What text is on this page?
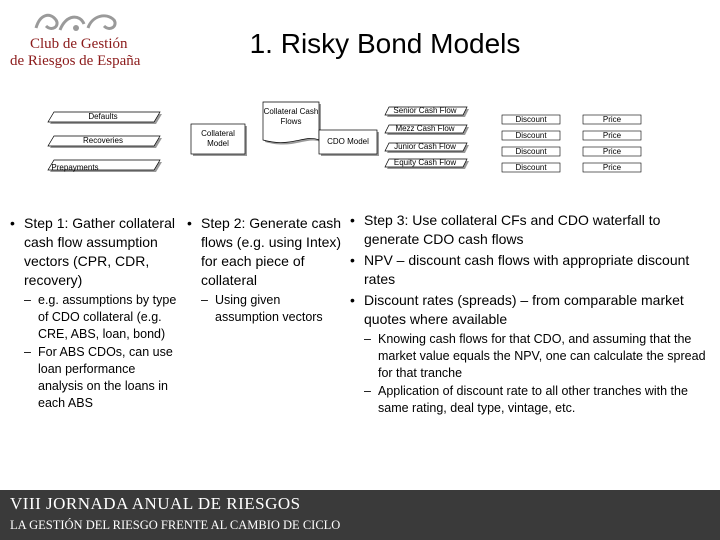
Club de Gestión
de Riesgos de España
1. Risky Bond Models
Defaults
Recoveries
Prepayments
Collateral Model
Collateral Cash Flows
CDO Model
Senior Cash Flow
Mezz Cash Flow
Junior Cash Flow
Equity Cash Flow
Discount	Price
Discount	Price
Discount	Price
Discount	Price
• Step 1: Gather collateral cash flow assumption vectors (CPR, CDR, recovery)
– e.g. assumptions by type of CDO collateral (e.g. CRE, ABS, loan, bond)
– For ABS CDOs, can use loan performance analysis on the loans in each ABS
• Step 2: Generate cash flows (e.g. using Intex) for each piece of collateral
– Using given assumption vectors
• Step 3: Use collateral CFs and CDO waterfall to generate CDO cash flows
• NPV – discount cash flows with appropriate discount rates
• Discount rates (spreads) – from comparable market quotes where available
– Knowing cash flows for that CDO, and assuming that the market value equals the NPV, one can calculate the spread for that tranche
– Application of discount rate to all other tranches with the same rating, deal type, vintage, etc.
VIII JORNADA ANUAL DE RIESGOS
LA GESTIÓN DEL RIESGO FRENTE AL CAMBIO DE CICLO
